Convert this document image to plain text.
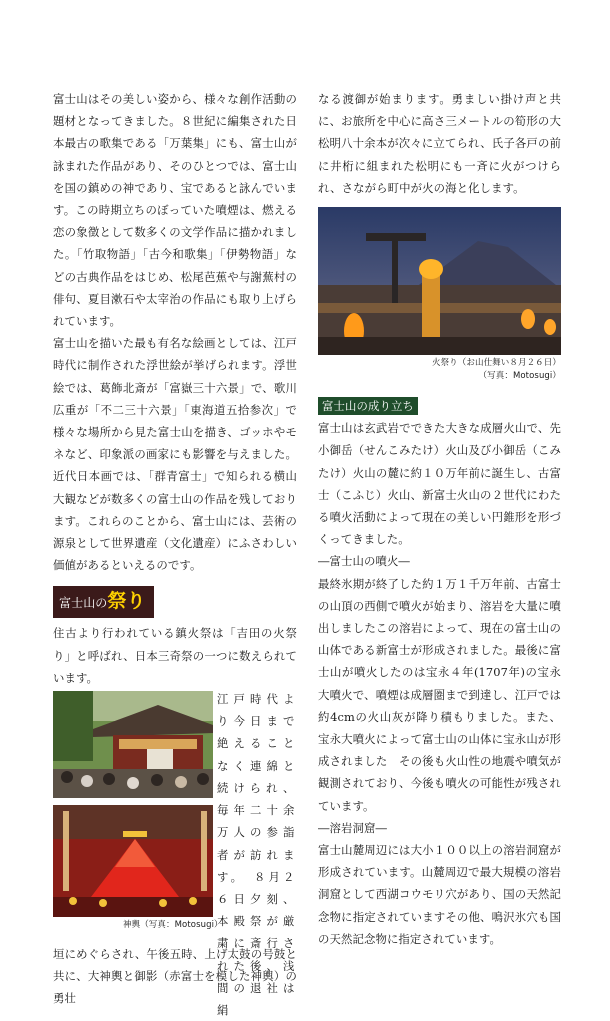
富士山はその美しい姿から、様々な創作活動の題材となってきました。８世紀に編集された日本最古の歌集である「万葉集」にも、富士山が詠まれた作品があり、そのひとつでは、富士山を国の鎮めの神であり、宝であると詠んでいます。この時期立ちのぼっていた噴煙は、燃える恋の象徴として数多くの文学作品に描かれました。「竹取物語」「古今和歌集」「伊勢物語」などの古典作品をはじめ、松尾芭蕉や与謝蕪村の俳句、夏目漱石や太宰治の作品にも取り上げられています。

富士山を描いた最も有名な絵画としては、江戸時代に制作された浮世絵が挙げられます。浮世絵では、葛飾北斎が「富嶽三十六景」で、歌川広重が「不二三十六景」「東海道五拾参次」で様々な場所から見た富士山を描き、ゴッホやモネなど、印象派の画家にも影響を与えました。近代日本画では、「群青富士」で知られる横山大観などが数多くの富士山の作品を残しております。これらのことから、富士山には、芸術の源泉として世界遺産（文化遺産）にふさわしい価値があるといえるのです。

富士山の祭り

住古より行われている鎮火祭は「吉田の火祭り」と呼ばれ、日本三奇祭の一つに数えられています。

神輿（写真：Motosugi）
江戸時代より今日まで絶えることなく連綿と続けられ、毎年二十余万人の参詣者が訪れます。　８月２６日夕刻、本殿祭が厳粛に斎行された後、浅間の退社は絹

垣にめぐらされ、午後五時、上げ太鼓の号鼓と共に、大神輿と御影（赤富士を模した神輿）の勇壮

なる渡御が始まります。勇ましい掛け声と共に、お旅所を中心に高さ三メートルの筍形の大松明八十余本が次々に立てられ、氏子各戸の前に井桁に組まれた松明にも一斉に火がつけられ、さながら町中が火の海と化します。

火祭り（お山仕舞い８月２６日）
（写真：Motosugi）
富士山の成り立ち

富士山は玄武岩でできた大きな成層火山で、先小御岳（せんこみたけ）火山及び小御岳（こみたけ）火山の麓に約１０万年前に誕生し、古富士（こふじ）火山、新富士火山の２世代にわたる噴火活動によって現在の美しい円錐形を形づくってきました。

―富士山の噴火―

最終氷期が終了した約１万１千万年前、古富士の山頂の西側で噴火が始まり、溶岩を大量に噴出しましたこの溶岩によって、現在の富士山の山体である新富士が形成されました。最後に富士山が噴火したのは宝永４年(1707年)の宝永大噴火で、噴煙は成層圏まで到達し、江戸では約4cmの火山灰が降り積もりました。また、宝永大噴火によって富士山の山体に宝永山が形成されました　その後も火山性の地震や噴気が観測されており、今後も噴火の可能性が残されています。

―溶岩洞窟―

富士山麓周辺には大小１００以上の溶岩洞窟が形成されています。山麓周辺で最大規模の溶岩洞窟として西湖コウモリ穴があり、国の天然記念物に指定されていますその他、鳴沢氷穴も国の天然記念物に指定されています。
